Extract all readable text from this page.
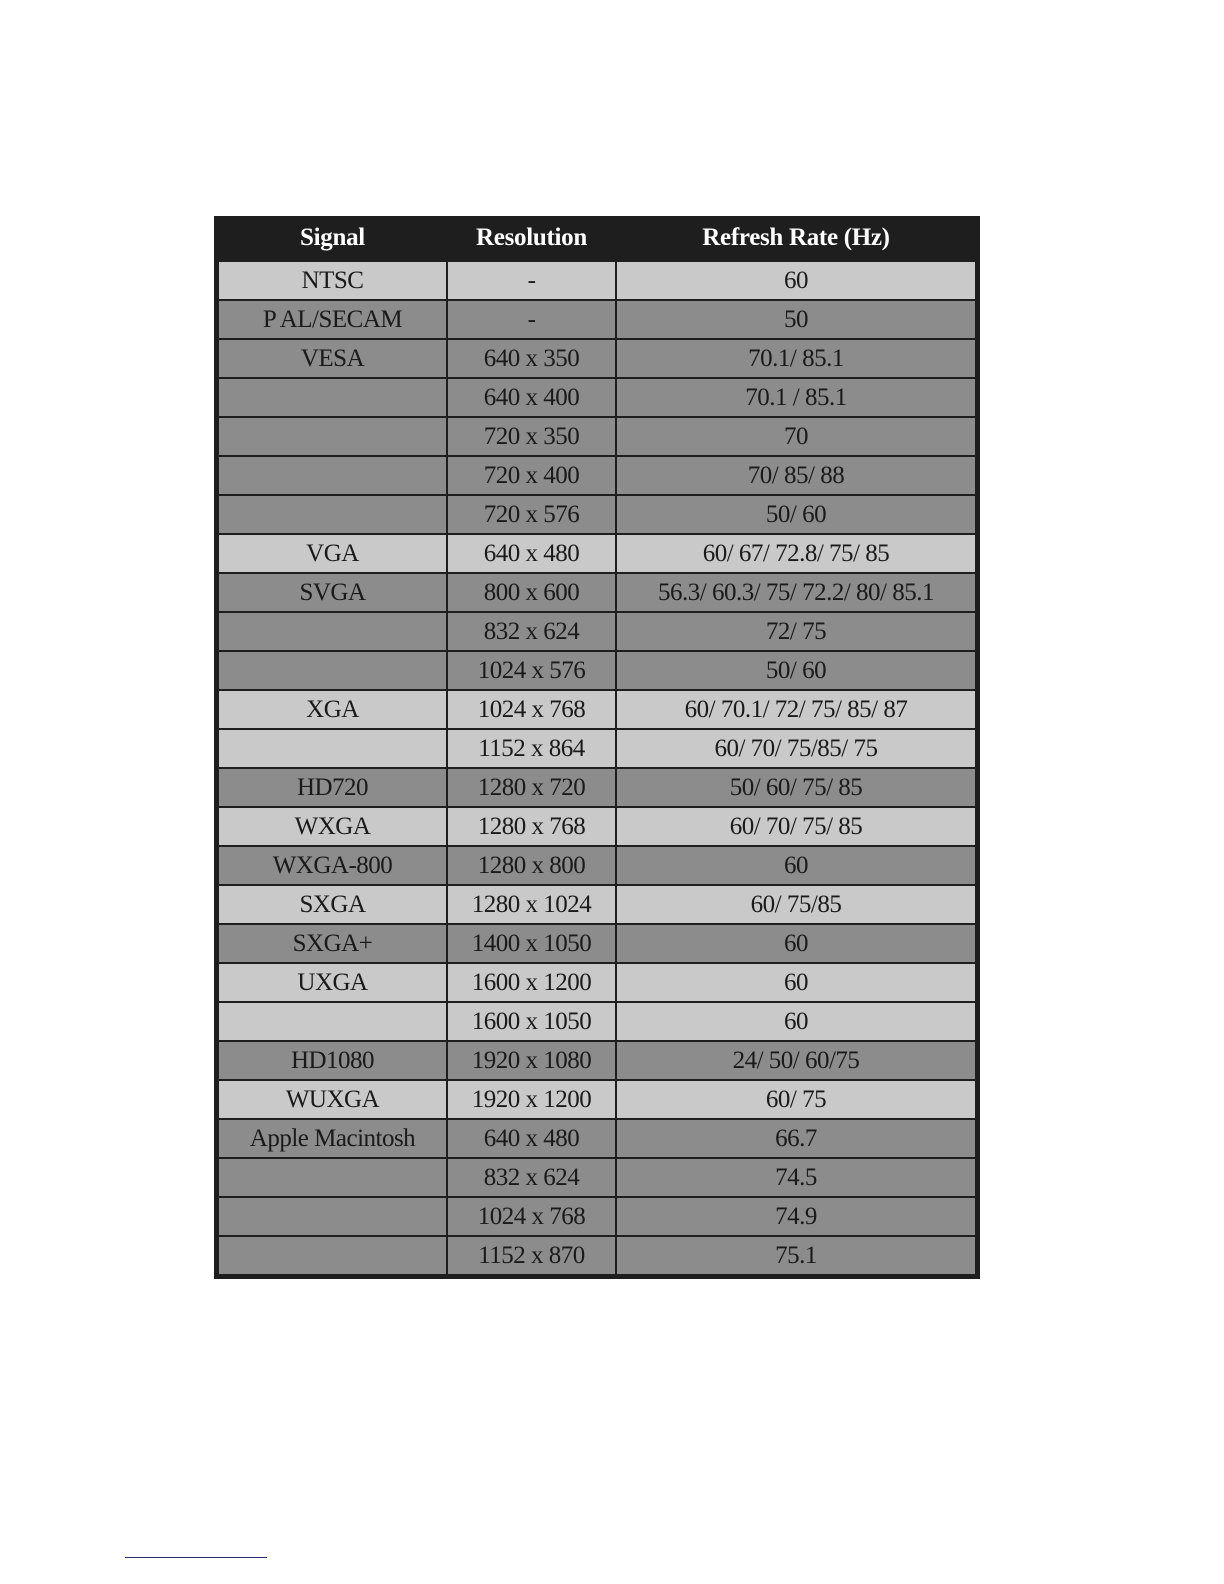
Signal	Resolution	Refresh Rate (Hz)
NTSC	-	60
P AL/SECAM	-	50
VESA	640 x 350	70.1/ 85.1
	640 x 400	70.1 / 85.1
	720 x 350	70
	720 x 400	70/ 85/ 88
	720 x 576	50/ 60
VGA	640 x 480	60/ 67/ 72.8/ 75/ 85
SVGA	800 x 600	56.3/ 60.3/ 75/ 72.2/ 80/ 85.1
	832 x 624	72/ 75
	1024 x 576	50/ 60
XGA	1024 x 768	60/ 70.1/ 72/ 75/ 85/ 87
	1152 x 864	60/ 70/ 75/85/ 75
HD720	1280 x 720	50/ 60/ 75/ 85
WXGA	1280 x 768	60/ 70/ 75/ 85
WXGA-800	1280 x 800	60
SXGA	1280 x 1024	60/ 75/85
SXGA+	1400 x 1050	60
UXGA	1600 x 1200	60
	1600 x 1050	60
HD1080	1920 x 1080	24/ 50/ 60/75
WUXGA	1920 x 1200	60/ 75
Apple Macintosh	640 x 480	66.7
	832 x 624	74.5
	1024 x 768	74.9
	1152 x 870	75.1
